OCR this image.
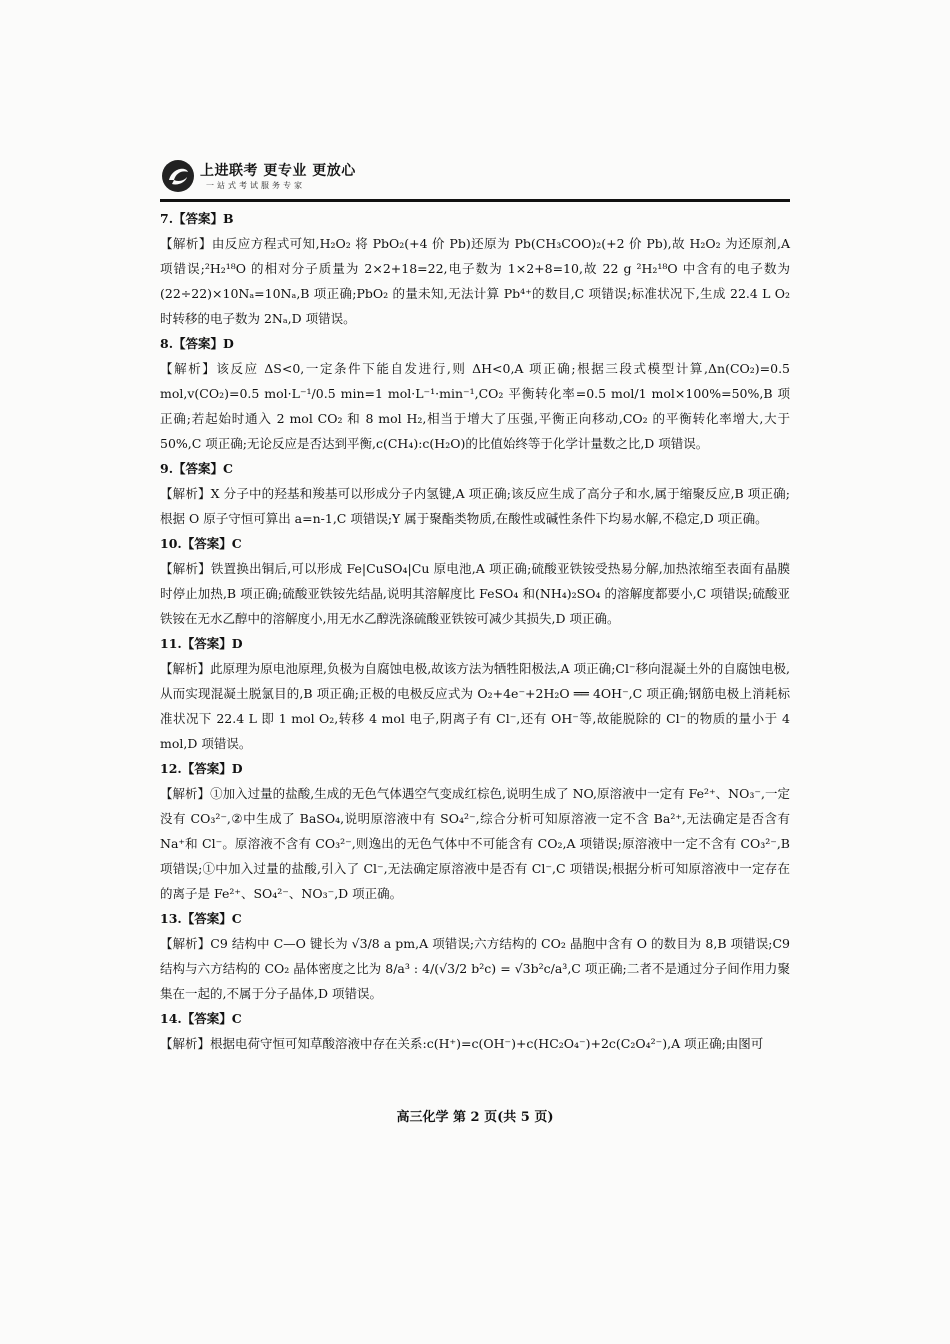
上进联考 更专业 更放心
一站式考试服务专家

7.【答案】B

【解析】由反应方程式可知,H₂O₂ 将 PbO₂(+4 价 Pb)还原为 Pb(CH₃COO)₂(+2 价 Pb),故 H₂O₂ 为还原剂,A 项错误;²H₂¹⁸O 的相对分子质量为 2×2+18=22,电子数为 1×2+8=10,故 22 g ²H₂¹⁸O 中含有的电子数为(22÷22)×10Nₐ=10Nₐ,B 项正确;PbO₂ 的量未知,无法计算 Pb⁴⁺的数目,C 项错误;标准状况下,生成 22.4 L O₂ 时转移的电子数为 2Nₐ,D 项错误。

8.【答案】D

【解析】该反应 ΔS<0,一定条件下能自发进行,则 ΔH<0,A 项正确;根据三段式模型计算,Δn(CO₂)=0.5 mol,v(CO₂)=0.5 mol·L⁻¹/0.5 min=1 mol·L⁻¹·min⁻¹,CO₂ 平衡转化率=0.5 mol/1 mol×100%=50%,B 项正确;若起始时通入 2 mol CO₂ 和 8 mol H₂,相当于增大了压强,平衡正向移动,CO₂ 的平衡转化率增大,大于 50%,C 项正确;无论反应是否达到平衡,c(CH₄):c(H₂O)的比值始终等于化学计量数之比,D 项错误。

9.【答案】C

【解析】X 分子中的羟基和羧基可以形成分子内氢键,A 项正确;该反应生成了高分子和水,属于缩聚反应,B 项正确;根据 O 原子守恒可算出 a=n-1,C 项错误;Y 属于聚酯类物质,在酸性或碱性条件下均易水解,不稳定,D 项正确。

10.【答案】C

【解析】铁置换出铜后,可以形成 Fe|CuSO₄|Cu 原电池,A 项正确;硫酸亚铁铵受热易分解,加热浓缩至表面有晶膜时停止加热,B 项正确;硫酸亚铁铵先结晶,说明其溶解度比 FeSO₄ 和(NH₄)₂SO₄ 的溶解度都要小,C 项错误;硫酸亚铁铵在无水乙醇中的溶解度小,用无水乙醇洗涤硫酸亚铁铵可减少其损失,D 项正确。

11.【答案】D

【解析】此原理为原电池原理,负极为自腐蚀电极,故该方法为牺牲阳极法,A 项正确;Cl⁻移向混凝土外的自腐蚀电极,从而实现混凝土脱氯目的,B 项正确;正极的电极反应式为 O₂+4e⁻+2H₂O ══ 4OH⁻,C 项正确;钢筋电极上消耗标准状况下 22.4 L 即 1 mol O₂,转移 4 mol 电子,阴离子有 Cl⁻,还有 OH⁻等,故能脱除的 Cl⁻的物质的量小于 4 mol,D 项错误。

12.【答案】D

【解析】①加入过量的盐酸,生成的无色气体遇空气变成红棕色,说明生成了 NO,原溶液中一定有 Fe²⁺、NO₃⁻,一定没有 CO₃²⁻,②中生成了 BaSO₄,说明原溶液中有 SO₄²⁻,综合分析可知原溶液一定不含 Ba²⁺,无法确定是否含有 Na⁺和 Cl⁻。原溶液不含有 CO₃²⁻,则逸出的无色气体中不可能含有 CO₂,A 项错误;原溶液中一定不含有 CO₃²⁻,B 项错误;①中加入过量的盐酸,引入了 Cl⁻,无法确定原溶液中是否有 Cl⁻,C 项错误;根据分析可知原溶液中一定存在的离子是 Fe²⁺、SO₄²⁻、NO₃⁻,D 项正确。

13.【答案】C

【解析】C9 结构中 C—O 键长为 √3/8 a pm,A 项错误;六方结构的 CO₂ 晶胞中含有 O 的数目为 8,B 项错误;C9 结构与六方结构的 CO₂ 晶体密度之比为 8/a³ : 4/(√3/2 b²c) = √3b²c/a³,C 项正确;二者不是通过分子间作用力聚集在一起的,不属于分子晶体,D 项错误。

14.【答案】C

【解析】根据电荷守恒可知草酸溶液中存在关系:c(H⁺)=c(OH⁻)+c(HC₂O₄⁻)+2c(C₂O₄²⁻),A 项正确;由图可

高三化学 第 2 页(共 5 页)
